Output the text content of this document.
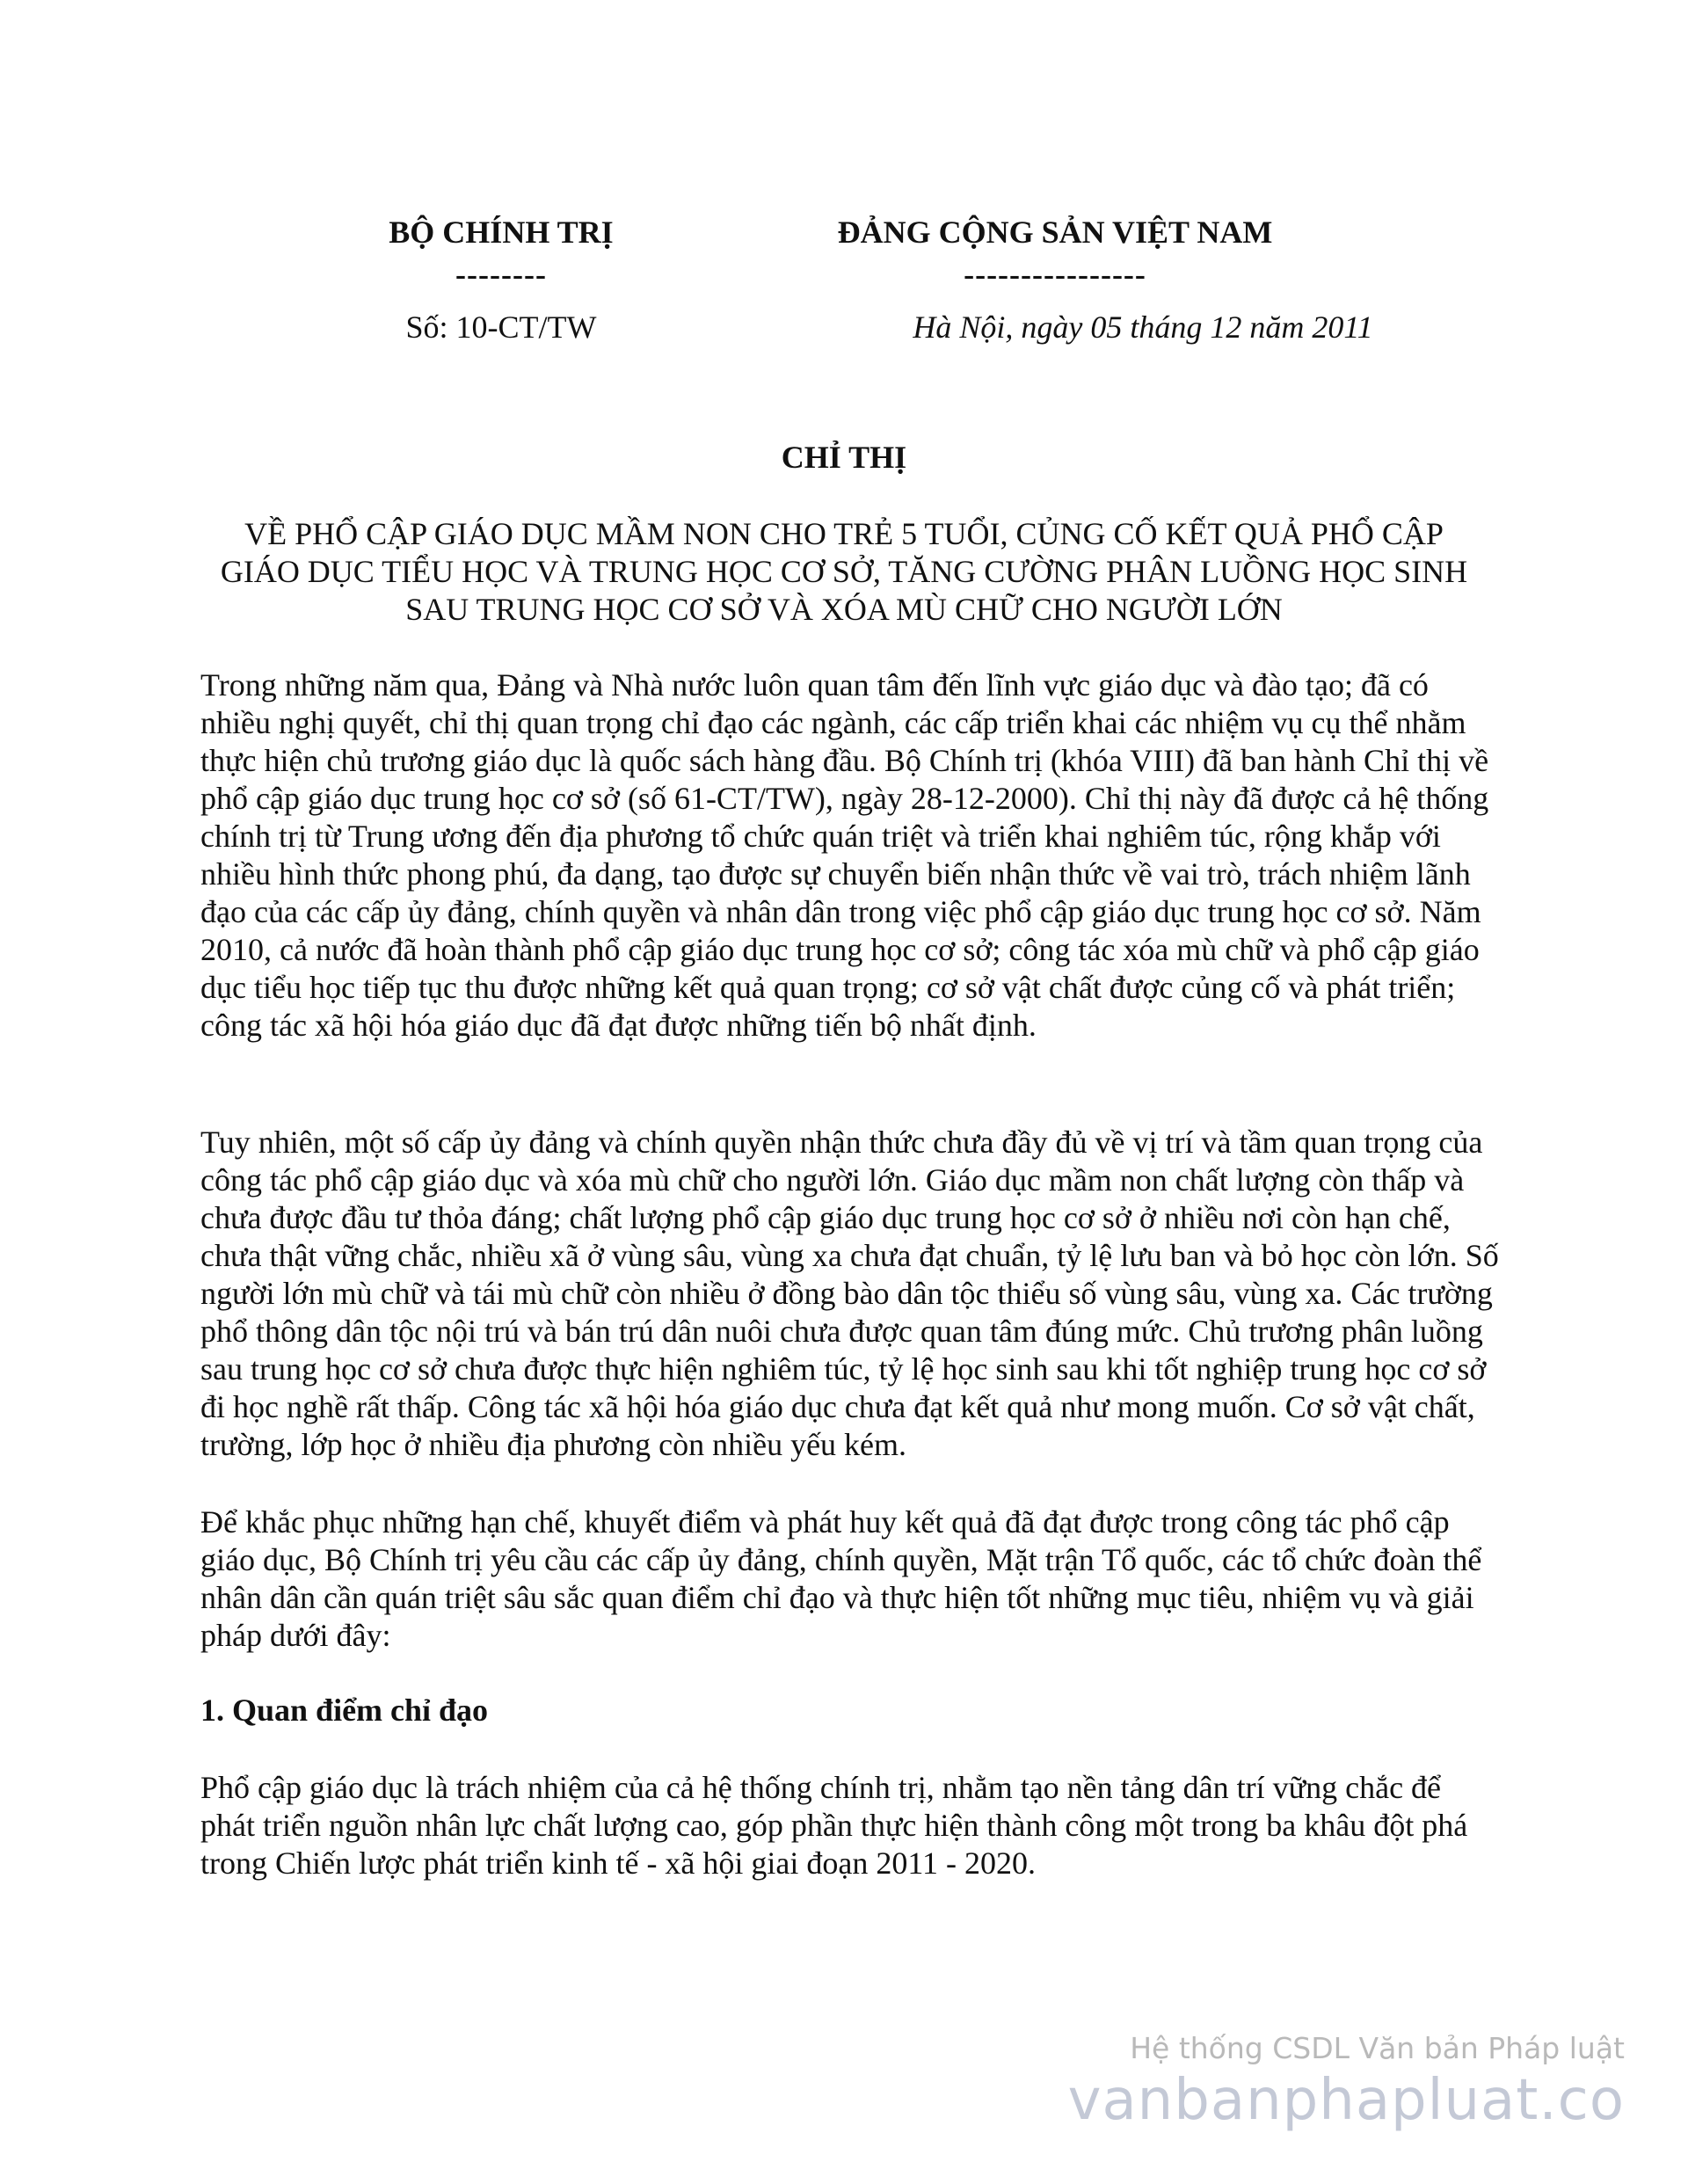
BỘ CHÍNH TRỊ
--------
ĐẢNG CỘNG SẢN VIỆT NAM
----------------
Số: 10-CT/TW	Hà Nội, ngày 05 tháng 12 năm 2011
CHỈ THỊ
VỀ PHỔ CẬP GIÁO DỤC MẦM NON CHO TRẺ 5 TUỔI, CỦNG CỐ KẾT QUẢ PHỔ CẬP GIÁO DỤC TIỂU HỌC VÀ TRUNG HỌC CƠ SỞ, TĂNG CƯỜNG PHÂN LUỒNG HỌC SINH SAU TRUNG HỌC CƠ SỞ VÀ XÓA MÙ CHỮ CHO NGƯỜI LỚN

Trong những năm qua, Đảng và Nhà nước luôn quan tâm đến lĩnh vực giáo dục và đào tạo; đã có nhiều nghị quyết, chỉ thị quan trọng chỉ đạo các ngành, các cấp triển khai các nhiệm vụ cụ thể nhằm thực hiện chủ trương giáo dục là quốc sách hàng đầu. Bộ Chính trị (khóa VIII) đã ban hành Chỉ thị về phổ cập giáo dục trung học cơ sở (số 61-CT/TW), ngày 28-12-2000). Chỉ thị này đã được cả hệ thống chính trị từ Trung ương đến địa phương tổ chức quán triệt và triển khai nghiêm túc, rộng khắp với nhiều hình thức phong phú, đa dạng, tạo được sự chuyển biến nhận thức về vai trò, trách nhiệm lãnh đạo của các cấp ủy đảng, chính quyền và nhân dân trong việc phổ cập giáo dục trung học cơ sở. Năm 2010, cả nước đã hoàn thành phổ cập giáo dục trung học cơ sở; công tác xóa mù chữ và phổ cập giáo dục tiểu học tiếp tục thu được những kết quả quan trọng; cơ sở vật chất được củng cố và phát triển; công tác xã hội hóa giáo dục đã đạt được những tiến bộ nhất định.

Tuy nhiên, một số cấp ủy đảng và chính quyền nhận thức chưa đầy đủ về vị trí và tầm quan trọng của công tác phổ cập giáo dục và xóa mù chữ cho người lớn. Giáo dục mầm non chất lượng còn thấp và chưa được đầu tư thỏa đáng; chất lượng phổ cập giáo dục trung học cơ sở ở nhiều nơi còn hạn chế, chưa thật vững chắc, nhiều xã ở vùng sâu, vùng xa chưa đạt chuẩn, tỷ lệ lưu ban và bỏ học còn lớn. Số người lớn mù chữ và tái mù chữ còn nhiều ở đồng bào dân tộc thiểu số vùng sâu, vùng xa. Các trường phổ thông dân tộc nội trú và bán trú dân nuôi chưa được quan tâm đúng mức. Chủ trương phân luồng sau trung học cơ sở chưa được thực hiện nghiêm túc, tỷ lệ học sinh sau khi tốt nghiệp trung học cơ sở đi học nghề rất thấp. Công tác xã hội hóa giáo dục chưa đạt kết quả như mong muốn. Cơ sở vật chất, trường, lớp học ở nhiều địa phương còn nhiều yếu kém.

Để khắc phục những hạn chế, khuyết điểm và phát huy kết quả đã đạt được trong công tác phổ cập giáo dục, Bộ Chính trị yêu cầu các cấp ủy đảng, chính quyền, Mặt trận Tổ quốc, các tổ chức đoàn thể nhân dân cần quán triệt sâu sắc quan điểm chỉ đạo và thực hiện tốt những mục tiêu, nhiệm vụ và giải pháp dưới đây:

1. Quan điểm chỉ đạo

Phổ cập giáo dục là trách nhiệm của cả hệ thống chính trị, nhằm tạo nền tảng dân trí vững chắc để phát triển nguồn nhân lực chất lượng cao, góp phần thực hiện thành công một trong ba khâu đột phá trong Chiến lược phát triển kinh tế - xã hội giai đoạn 2011 - 2020.

Hệ thống CSDL Văn bản Pháp luật
vanbanphapluat.co
